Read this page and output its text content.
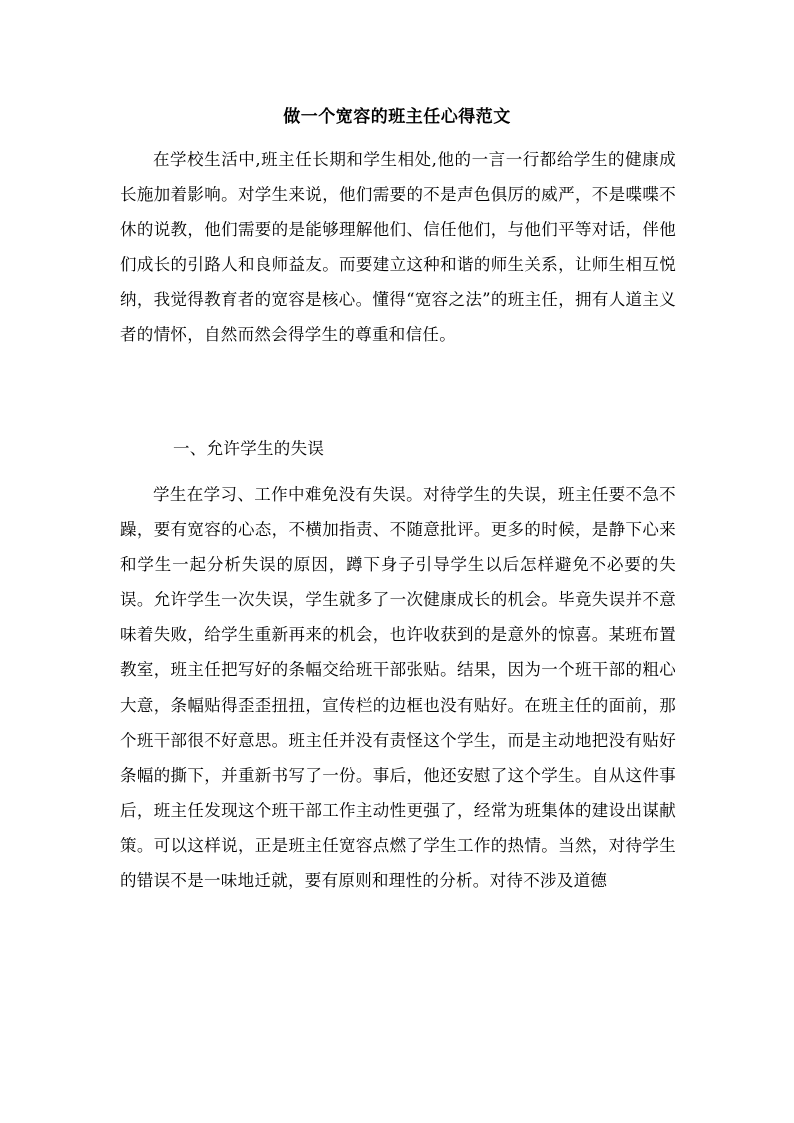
做一个宽容的班主任心得范文
在学校生活中,班主任长期和学生相处,他的一言一行都给学生的健康成长施加着影响。对学生来说，他们需要的不是声色俱厉的威严，不是喋喋不休的说教，他们需要的是能够理解他们、信任他们，与他们平等对话，伴他们成长的引路人和良师益友。而要建立这种和谐的师生关系，让师生相互悦纳，我觉得教育者的宽容是核心。懂得“宽容之法”的班主任，拥有人道主义者的情怀，自然而然会得学生的尊重和信任。
一、允许学生的失误
学生在学习、工作中难免没有失误。对待学生的失误，班主任要不急不躁，要有宽容的心态，不横加指责、不随意批评。更多的时候，是静下心来和学生一起分析失误的原因，蹲下身子引导学生以后怎样避免不必要的失误。允许学生一次失误，学生就多了一次健康成长的机会。毕竟失误并不意味着失败，给学生重新再来的机会，也许收获到的是意外的惊喜。某班布置教室，班主任把写好的条幅交给班干部张贴。结果，因为一个班干部的粗心大意，条幅贴得歪歪扭扭，宣传栏的边框也没有贴好。在班主任的面前，那个班干部很不好意思。班主任并没有责怪这个学生，而是主动地把没有贴好条幅的撕下，并重新书写了一份。事后，他还安慰了这个学生。自从这件事后，班主任发现这个班干部工作主动性更强了，经常为班集体的建设出谋献策。可以这样说，正是班主任宽容点燃了学生工作的热情。当然，对待学生的错误不是一味地迁就，要有原则和理性的分析。对待不涉及道德
